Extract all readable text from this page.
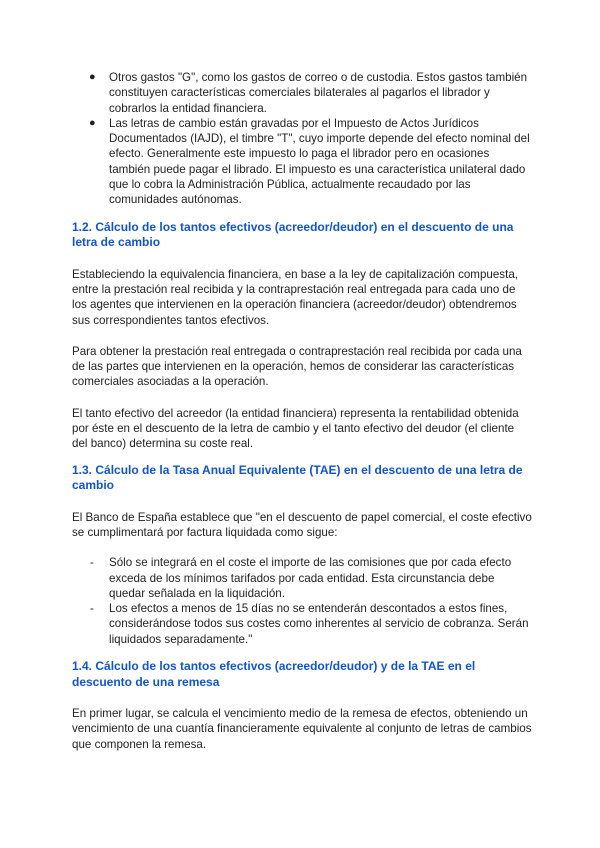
● Otros gastos "G", como los gastos de correo o de custodia. Estos gastos también constituyen características comerciales bilaterales al pagarlos el librador y cobrarlos la entidad financiera.
● Las letras de cambio están gravadas por el Impuesto de Actos Jurídicos Documentados (IAJD), el timbre "T", cuyo importe depende del efecto nominal del efecto. Generalmente este impuesto lo paga el librador pero en ocasiones también puede pagar el librado. El impuesto es una característica unilateral dado que lo cobra la Administración Pública, actualmente recaudado por las comunidades autónomas.
1.2. Cálculo de los tantos efectivos (acreedor/deudor) en el descuento de una letra de cambio

Estableciendo la equivalencia financiera, en base a la ley de capitalización compuesta, entre la prestación real recibida y la contraprestación real entregada para cada uno de los agentes que intervienen en la operación financiera (acreedor/deudor) obtendremos sus correspondientes tantos efectivos.

Para obtener la prestación real entregada o contraprestación real recibida por cada una de las partes que intervienen en la operación, hemos de considerar las características comerciales asociadas a la operación.

El tanto efectivo del acreedor (la entidad financiera) representa la rentabilidad obtenida por éste en el descuento de la letra de cambio y el tanto efectivo del deudor (el cliente del banco) determina su coste real.

1.3. Cálculo de la Tasa Anual Equivalente (TAE) en el descuento de una letra de cambio

El Banco de España establece que "en el descuento de papel comercial, el coste efectivo se cumplimentará por factura liquidada como sigue:

- Sólo se integrará en el coste el importe de las comisiones que por cada efecto exceda de los mínimos tarifados por cada entidad. Esta circunstancia debe quedar señalada en la liquidación.
- Los efectos a menos de 15 días no se entenderán descontados a estos fines, considerándose todos sus costes como inherentes al servicio de cobranza. Serán liquidados separadamente."
1.4. Cálculo de los tantos efectivos (acreedor/deudor) y de la TAE en el descuento de una remesa

En primer lugar, se calcula el vencimiento medio de la remesa de efectos, obteniendo un vencimiento de una cuantía financieramente equivalente al conjunto de letras de cambios que componen la remesa.
